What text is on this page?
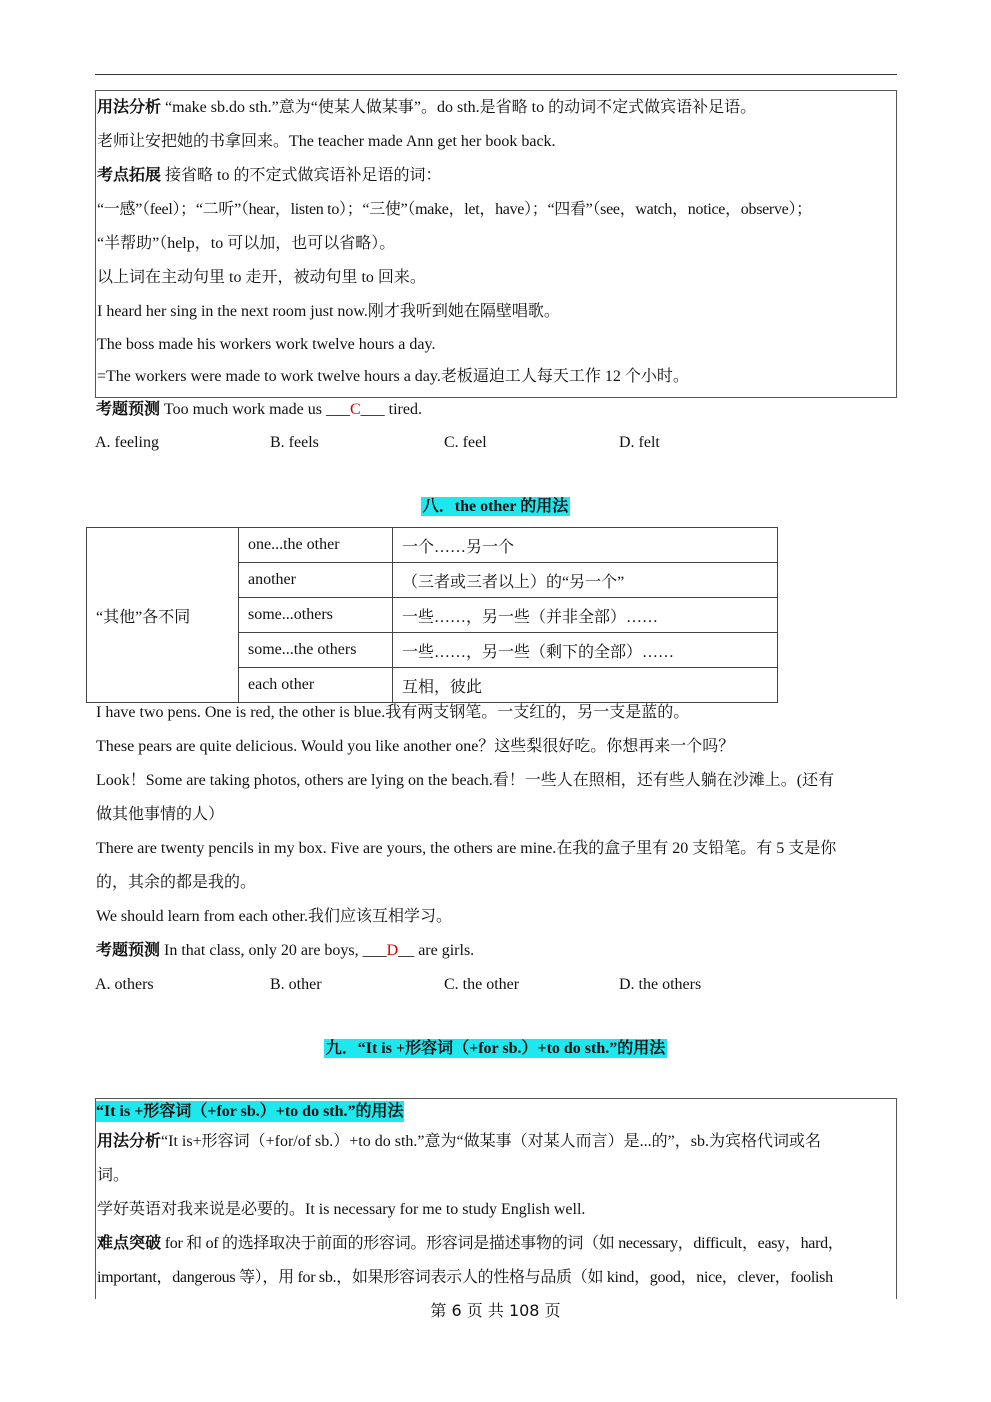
用法分析 “make sb.do sth.”意为“使某人做某事”。do sth.是省略 to 的动词不定式做宾语补足语。
老师让安把她的书拿回来。The teacher made Ann get her book back.
考点拓展 接省略 to 的不定式做宾语补足语的词：
“一感”（feel）；“二听”（hear，listen to）；“三使”（make，let，have）；“四看”（see，watch，notice，observe）；
“半帮助”（help，to 可以加，也可以省略）。
以上词在主动句里 to 走开，被动句里 to 回来。
I heard her sing in the next room just now.刚才我听到她在隔壁唱歌。
The boss made his workers work twelve hours a day.
=The workers were made to work twelve hours a day.老板逼迫工人每天工作 12 个小时。
考题预测 Too much work made us ___C___ tired.
A. feeling	B. feels	C. feel	D. felt
八．the other 的用法
“其他”各不同	one...the other	一个……另一个
	another	（三者或三者以上）的“另一个”
	some...others	一些……，另一些（并非全部）……
	some...the others	一些……，另一些（剩下的全部）……
	each other	互相，彼此
I have two pens. One is red, the other is blue.我有两支钢笔。一支红的，另一支是蓝的。
These pears are quite delicious. Would you like another one？这些梨很好吃。你想再来一个吗？
Look！Some are taking photos, others are lying on the beach.看！一些人在照相，还有些人躺在沙滩上。(还有
做其他事情的人）
There are twenty pencils in my box. Five are yours, the others are mine.在我的盒子里有 20 支铅笔。有 5 支是你
的，其余的都是我的。
We should learn from each other.我们应该互相学习。
考题预测 In that class, only 20 are boys, ___D__ are girls.
A. others	B. other	C. the other	D. the others
九．“It is +形容词（+for sb.）+to do sth.”的用法
“It is +形容词（+for sb.）+to do sth.”的用法
用法分析“It is+形容词（+for/of sb.）+to do sth.”意为“做某事（对某人而言）是...的”，sb.为宾格代词或名
词。
学好英语对我来说是必要的。It is necessary for me to study English well.
难点突破 for 和 of 的选择取决于前面的形容词。形容词是描述事物的词（如 necessary，difficult，easy，hard，
important，dangerous 等），用 for sb.，如果形容词表示人的性格与品质（如 kind，good，nice，clever，foolish
第 6 页 共 108 页
